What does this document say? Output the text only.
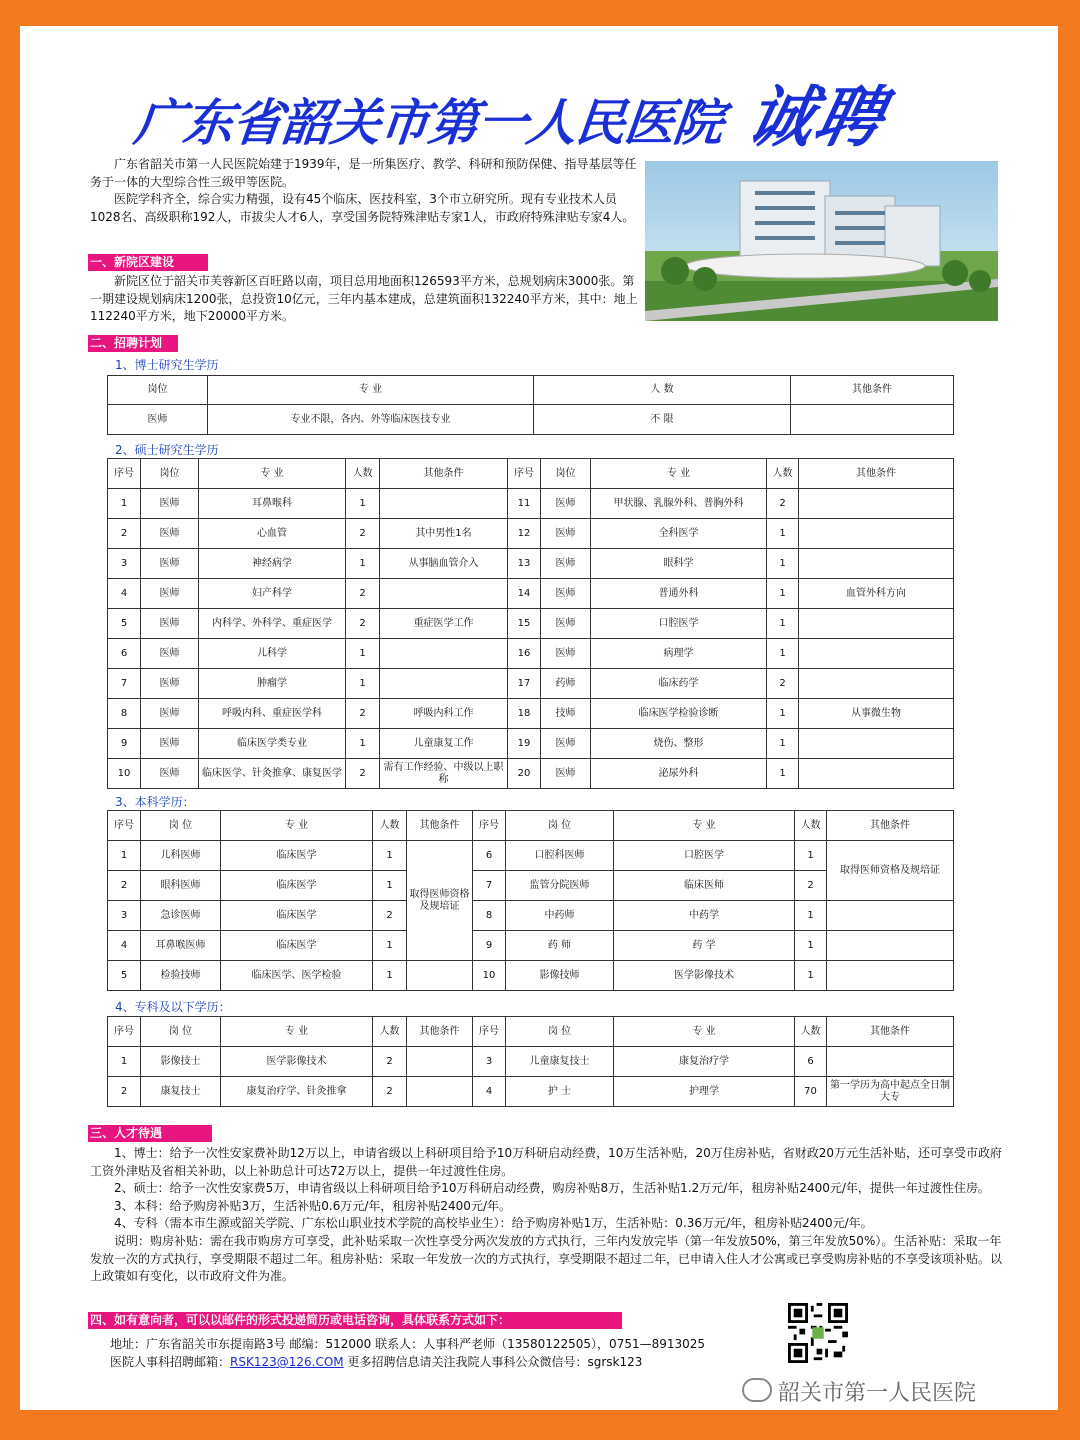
广东省韶关市第一人民医院 诚聘

广东省韶关市第一人民医院始建于1939年，是一所集医疗、教学、科研和预防保健、指导基层等任务于一体的大型综合性三级甲等医院。

医院学科齐全，综合实力精强，设有45个临床、医技科室，3个市立研究所。现有专业技术人员1028名、高级职称192人，市拔尖人才6人，享受国务院特殊津贴专家1人，市政府特殊津贴专家4人。

一、新院区建设

新院区位于韶关市芙蓉新区百旺路以南，项目总用地面积126593平方米，总规划病床3000张。第一期建设规划病床1200张，总投资10亿元，三年内基本建成，总建筑面积132240平方米，其中：地上112240平方米，地下20000平方米。

二、招聘计划
1、博士研究生学历
岗位	专 业	人 数	其他条件
医师	专业不限，各内、外等临床医技专业	不 限	
2、硕士研究生学历
序号	岗位	专 业	人数	其他条件	序号	岗位	专 业	人数	其他条件
1	医师	耳鼻喉科	1		11	医师	甲状腺、乳腺外科、普胸外科	2	
2	医师	心血管	2	其中男性1名	12	医师	全科医学	1	
3	医师	神经病学	1	从事脑血管介入	13	医师	眼科学	1	
4	医师	妇产科学	2		14	医师	普通外科	1	血管外科方向
5	医师	内科学、外科学、重症医学	2	重症医学工作	15	医师	口腔医学	1	
6	医师	儿科学	1		16	医师	病理学	1	
7	医师	肿瘤学	1		17	药师	临床药学	2	
8	医师	呼吸内科、重症医学科	2	呼吸内科工作	18	技师	临床医学检验诊断	1	从事微生物
9	医师	临床医学类专业	1	儿童康复工作	19	医师	烧伤、整形	1	
10	医师	临床医学、针灸推拿、康复医学	2	需有工作经验、中级以上职称	20	医师	泌尿外科	1	
3、本科学历：
序号	岗 位	专 业	人数	其他条件	序号	岗 位	专 业	人数	其他条件
1	儿科医师	临床医学	1	取得医师资格及规培证	6	口腔科医师	口腔医学	1	取得医师资格及规培证
2	眼科医师	临床医学	1		7	监管分院医师	临床医师	2	
3	急诊医师	临床医学	2		8	中药师	中药学	1	
4	耳鼻喉医师	临床医学	1		9	药 师	药 学	1	
5	检验技师	临床医学、医学检验	1		10	影像技师	医学影像技术	1	
4、专科及以下学历：
序号	岗 位	专 业	人数	其他条件	序号	岗 位	专 业	人数	其他条件
1	影像技士	医学影像技术	2		3	儿童康复技士	康复治疗学	6	
2	康复技士	康复治疗学、针灸推拿	2		4	护 士	护理学	70	第一学历为高中起点全日制大专
三、人才待遇

1、博士：给予一次性安家费补助12万以上，申请省级以上科研项目给予10万科研启动经费，10万生活补贴，20万住房补贴，省财政20万元生活补贴，还可享受市政府工资外津贴及省相关补助，以上补助总计可达72万以上，提供一年过渡性住房。

2、硕士：给予一次性安家费5万，申请省级以上科研项目给予10万科研启动经费，购房补贴8万，生活补贴1.2万元/年，租房补贴2400元/年，提供一年过渡性住房。

3、本科：给予购房补贴3万，生活补贴0.6万元/年，租房补贴2400元/年。

4、专科（需本市生源或韶关学院、广东松山职业技术学院的高校毕业生）：给予购房补贴1万，生活补贴：0.36万元/年，租房补贴2400元/年。

说明：购房补贴：需在我市购房方可享受，此补贴采取一次性享受分两次发放的方式执行，三年内发放完毕（第一年发放50%，第三年发放50%）。生活补贴：采取一年发放一次的方式执行，享受期限不超过二年。租房补贴：采取一年发放一次的方式执行，享受期限不超过二年，已申请入住人才公寓或已享受购房补贴的不享受该项补贴。以上政策如有变化，以市政府文件为准。

四、如有意向者，可以以邮件的形式投递简历或电话咨询，具体联系方式如下：
地址：广东省韶关市东提南路3号 邮编：512000 联系人：人事科严老师（13580122505），0751—8913025
医院人事科招聘邮箱：RSK123@126.COM 更多招聘信息请关注我院人事科公众微信号：sgrsk123
韶关市第一人民医院
